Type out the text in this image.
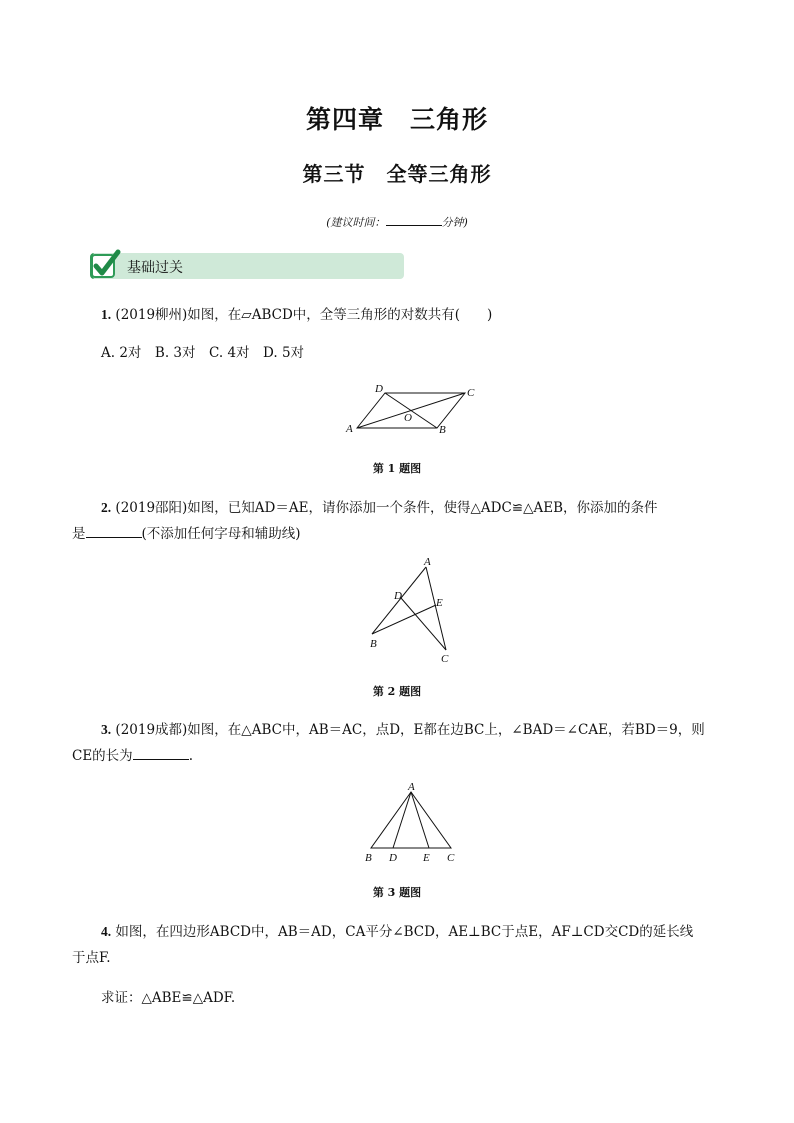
第四章　三角形
第三节　全等三角形
(建议时间：	分钟)
基础过关
1. (2019柳州)如图，在▱ABCD中，全等三角形的对数共有(　　)
A. 2对　B. 3对　C. 4对　D. 5对
A	B
C
D
O
第 1 题图
2. (2019邵阳)如图，已知AD＝AE，请你添加一个条件，使得△ADC≌△AEB，你添加的条件
是	(不添加任何字母和辅助线)
A
B
C
D
E
第 2 题图
3. (2019成都)如图，在△ABC中，AB＝AC，点D，E都在边BC上，∠BAD＝∠CAE，若BD＝9，则
CE的长为	.
A
B D E C
第 3 题图
4. 如图，在四边形ABCD中，AB＝AD，CA平分∠BCD，AE⊥BC于点E，AF⊥CD交CD的延长线
于点F.
求证：△ABE≌△ADF.
